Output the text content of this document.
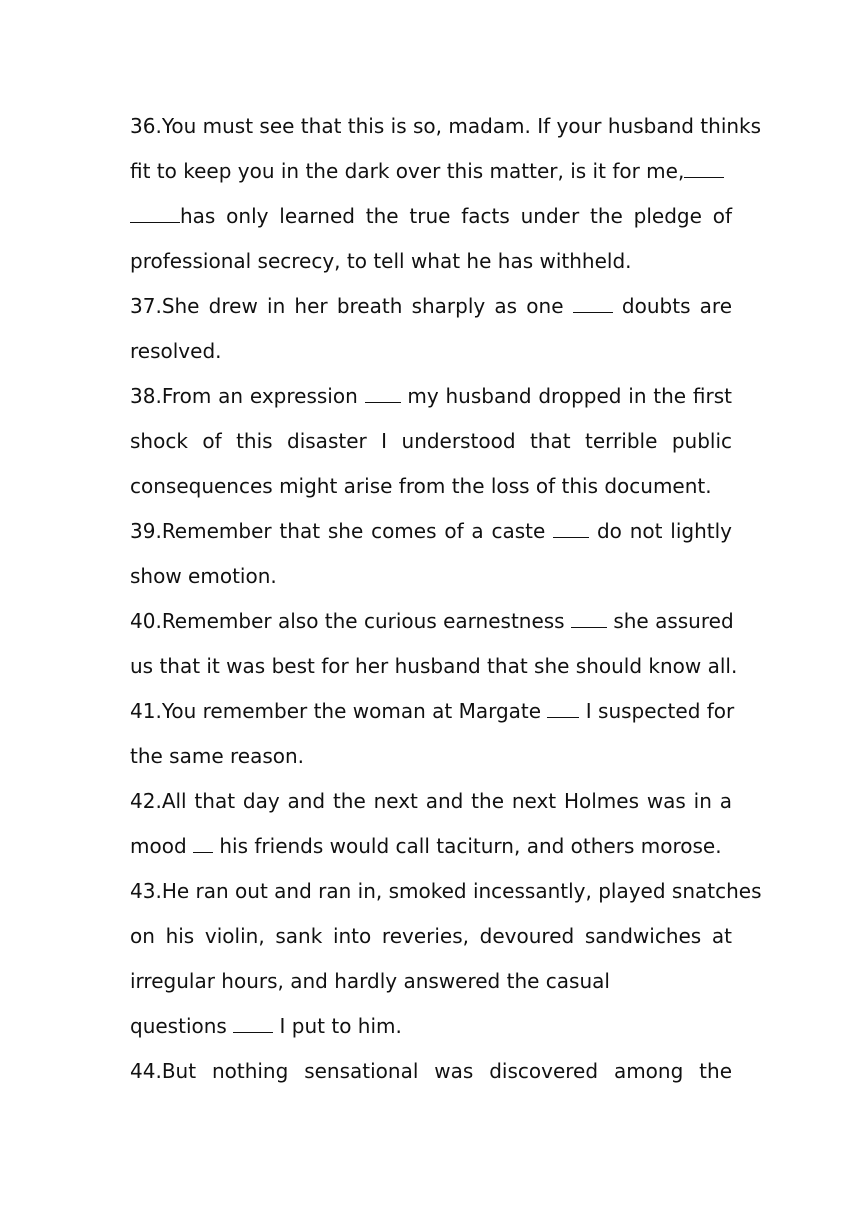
36.You must see that this is so, madam. If your husband thinks
fit to keep you in the dark over this matter, is it for me,
has only learned the true facts under the pledge of
professional secrecy, to tell what he has withheld.
37.She drew in her breath sharply as one	doubts are
resolved.
38.From an expression my husband dropped in the first
shock of this disaster I understood that terrible public
consequences might arise from the loss of this document.
39.Remember that she comes of a caste	do not lightly
show emotion.
40.Remember also the curious earnestness she assured
us that it was best for her husband that she should know all.
41.You remember the woman at Margate I suspected for
the same reason.
42.All that day and the next and the next Holmes was in a
mood his friends would call taciturn, and others morose.
43.He ran out and ran in, smoked incessantly, played snatches
on his violin, sank into reveries, devoured sandwiches at
irregular hours, and hardly answered the casual
questions	I put to him.
44.But nothing sensational was discovered among the
